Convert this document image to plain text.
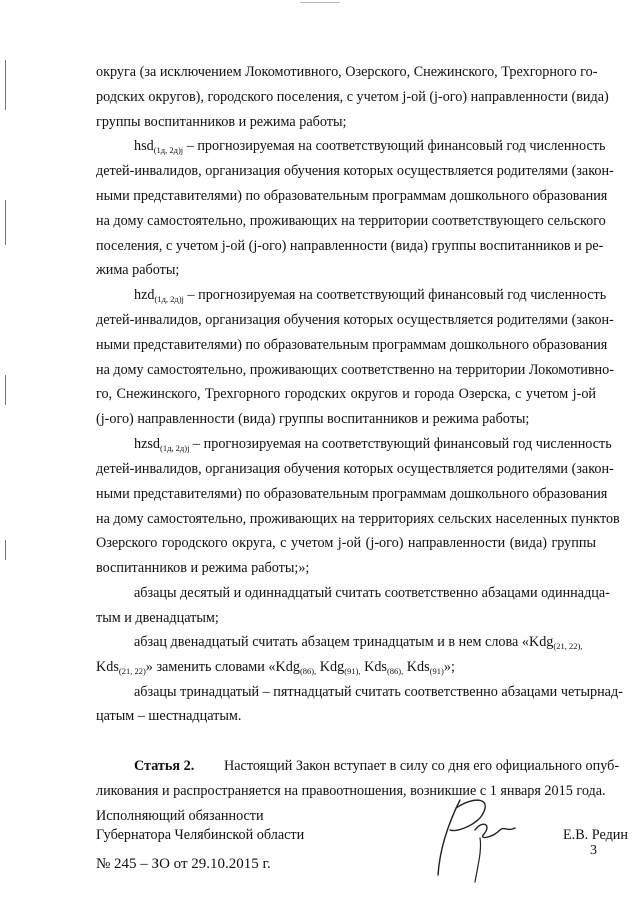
округа (за исключением Локомотивного, Озерского, Снежинского, Трехгорного го-
родских округов), городского поселения, с учетом j-ой (j-ого) направленности (вида)
группы воспитанников и режима работы;
hsd$_{(1д, 2д)j}$ – прогнозируемая на соответствующий финансовый год численность
детей-инвалидов, организация обучения которых осуществляется родителями (закон-
ными представителями) по образовательным программам дошкольного образования
на дому самостоятельно, проживающих на территории соответствующего сельского
поселения, с учетом j-ой (j-ого) направленности (вида) группы воспитанников и ре-
жима работы;
hzd$_{(1д, 2д)j}$ – прогнозируемая на соответствующий финансовый год численность
детей-инвалидов, организация обучения которых осуществляется родителями (закон-
ными представителями) по образовательным программам дошкольного образования
на дому самостоятельно, проживающих соответственно на территории Локомотивно-
го, Снежинского, Трехгорного городских округов и города Озерска, с учетом j-ой
(j-ого) направленности (вида) группы воспитанников и режима работы;
hzsd$_{(1д, 2д)j}$ – прогнозируемая на соответствующий финансовый год численность
детей-инвалидов, организация обучения которых осуществляется родителями (закон-
ными представителями) по образовательным программам дошкольного образования
на дому самостоятельно, проживающих на территориях сельских населенных пунктов
Озерского городского округа, с учетом j-ой (j-ого) направленности (вида) группы
воспитанников и режима работы;»;
абзацы десятый и одиннадцатый считать соответственно абзацами одиннадца-
тым и двенадцатым;
абзац двенадцатый считать абзацем тринадцатым и в нем слова «Kdg$_{(21, 22),}$
Kds$_{(21, 22)}$» заменить словами «Kdg$_{(86),}$ Kdg$_{(91),}$ Kds$_{(86),}$ Kds$_{(91)}$»;
абзацы тринадцатый – пятнадцатый считать соответственно абзацами четырнад-
цатым – шестнадцатым.
Статья 2. Настоящий Закон вступает в силу со дня его официального опуб-
ликования и распространяется на правоотношения, возникшие с 1 января 2015 года.
Исполняющий обязанности
Губернатора Челябинской области	Е.В. Редин
3
№ 245 – ЗО от 29.10.2015 г.
